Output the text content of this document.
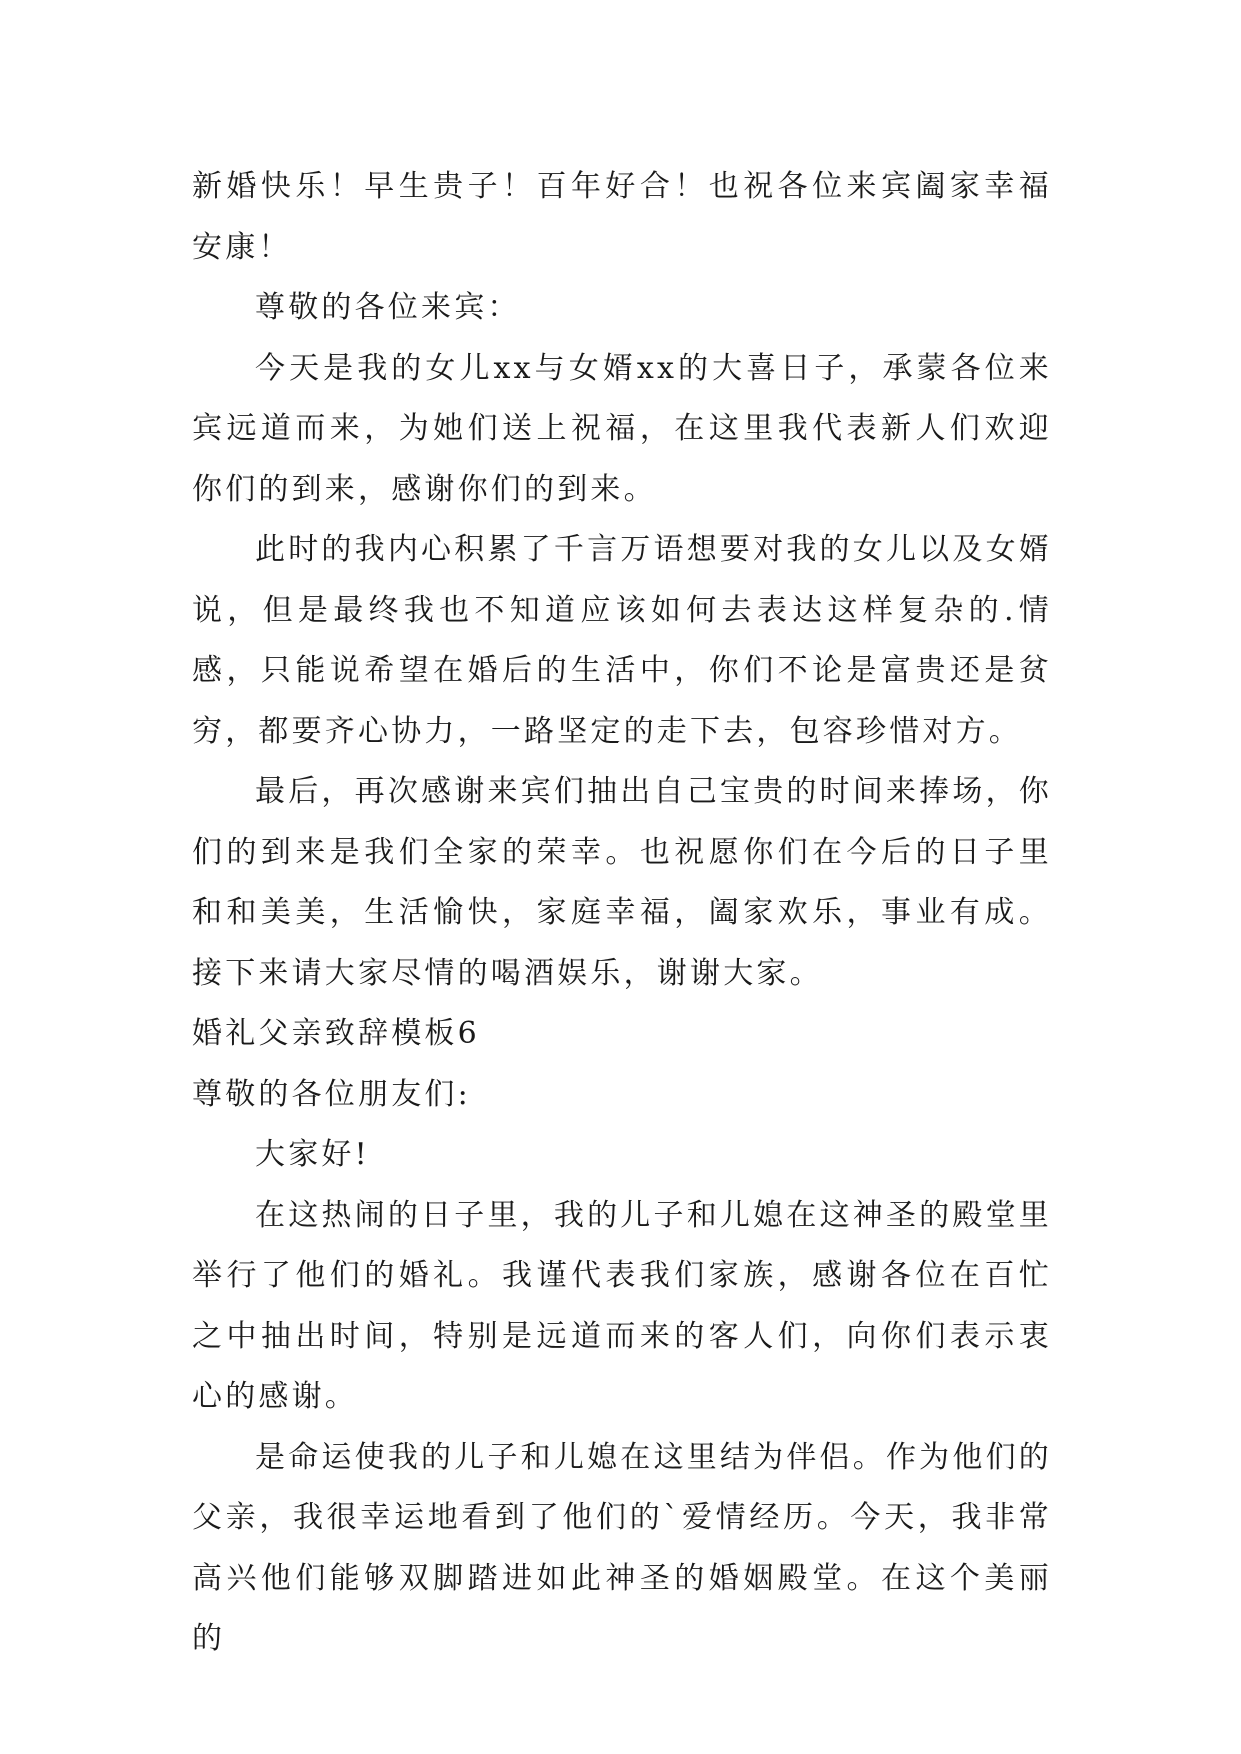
新婚快乐！早生贵子！百年好合！也祝各位来宾阖家幸福安康！

尊敬的各位来宾：

今天是我的女儿xx与女婿xx的大喜日子，承蒙各位来宾远道而来，为她们送上祝福，在这里我代表新人们欢迎你们的到来，感谢你们的到来。

此时的我内心积累了千言万语想要对我的女儿以及女婿说，但是最终我也不知道应该如何去表达这样复杂的.情感，只能说希望在婚后的生活中，你们不论是富贵还是贫穷，都要齐心协力，一路坚定的走下去，包容珍惜对方。

最后，再次感谢来宾们抽出自己宝贵的时间来捧场，你们的到来是我们全家的荣幸。也祝愿你们在今后的日子里和和美美，生活愉快，家庭幸福，阖家欢乐，事业有成。接下来请大家尽情的喝酒娱乐，谢谢大家。

婚礼父亲致辞模板6

尊敬的各位朋友们:

大家好!

在这热闹的日子里，我的儿子和儿媳在这神圣的殿堂里举行了他们的婚礼。我谨代表我们家族，感谢各位在百忙之中抽出时间，特别是远道而来的客人们，向你们表示衷心的感谢。

是命运使我的儿子和儿媳在这里结为伴侣。作为他们的父亲，我很幸运地看到了他们的`爱情经历。今天，我非常高兴他们能够双脚踏进如此神圣的婚姻殿堂。在这个美丽的
